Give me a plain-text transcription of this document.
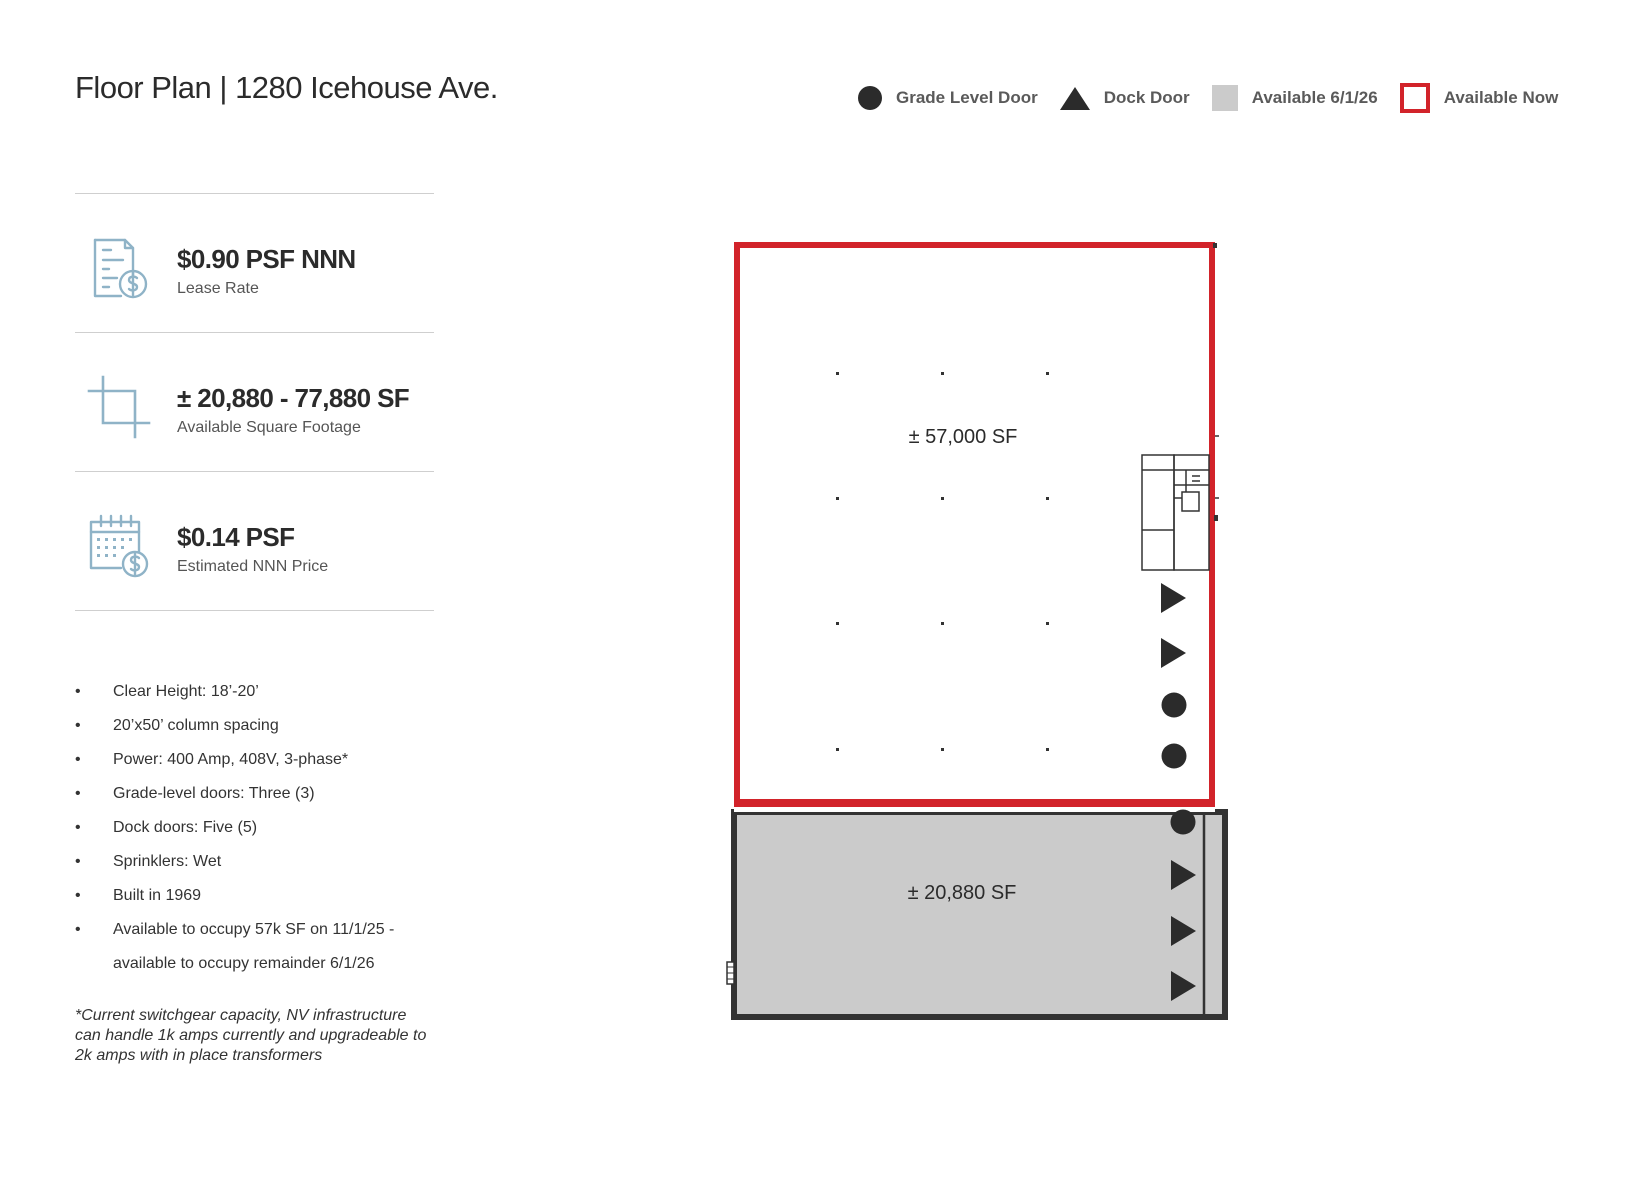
Floor Plan | 1280 Icehouse Ave.	Grade Level Door	Dock Door	Available 6/1/26	Available Now
$0.90 PSF NNN
Lease Rate
± 20,880 - 77,880 SF
Available Square Footage
$0.14 PSF
Estimated NNN Price
• Clear Height: 18’-20’
• 20’x50’ column spacing
• Power: 400 Amp, 408V, 3-phase*
• Grade-level doors: Three (3)
• Dock doors: Five (5)
• Sprinklers: Wet
• Built in 1969
• Available to occupy 57k SF on 11/1/25 - available to occupy remainder 6/1/26
*Current switchgear capacity, NV infrastructure can handle 1k amps currently and upgradeable to 2k amps with in place transformers
± 57,000 SF
± 20,880 SF
